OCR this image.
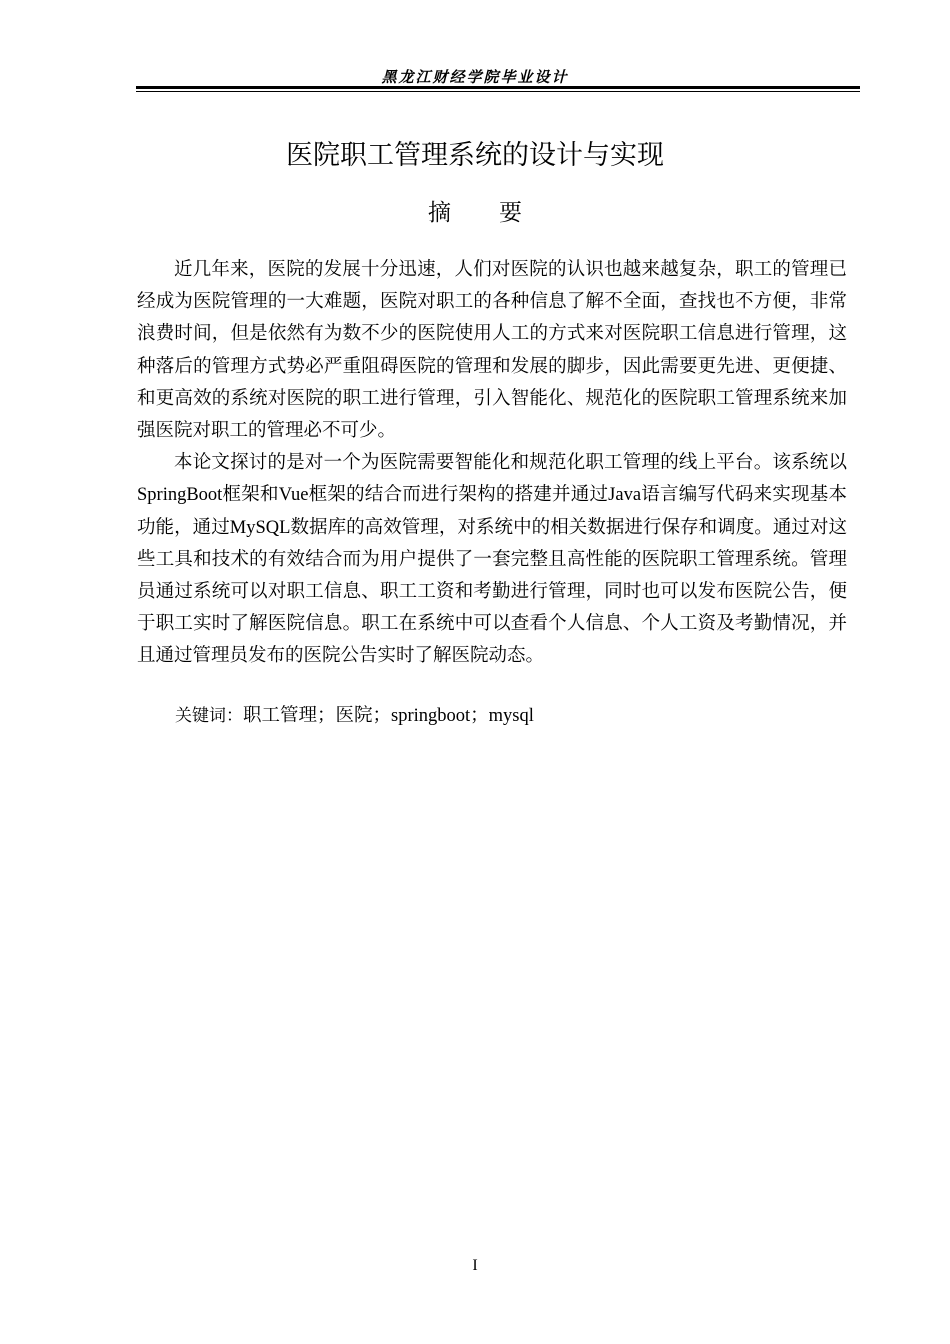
黑龙江财经学院毕业设计
医院职工管理系统的设计与实现
摘要

近几年来，医院的发展十分迅速，人们对医院的认识也越来越复杂，职工的管理已经成为医院管理的一大难题，医院对职工的各种信息了解不全面，查找也不方便，非常浪费时间，但是依然有为数不少的医院使用人工的方式来对医院职工信息进行管理，这种落后的管理方式势必严重阻碍医院的管理和发展的脚步，因此需要更先进、更便捷、和更高效的系统对医院的职工进行管理，引入智能化、规范化的医院职工管理系统来加强医院对职工的管理必不可少。

本论文探讨的是对一个为医院需要智能化和规范化职工管理的线上平台。该系统以SpringBoot框架和Vue框架的结合而进行架构的搭建并通过Java语言编写代码来实现基本功能，通过MySQL数据库的高效管理，对系统中的相关数据进行保存和调度。通过对这些工具和技术的有效结合而为用户提供了一套完整且高性能的医院职工管理系统。管理员通过系统可以对职工信息、职工工资和考勤进行管理，同时也可以发布医院公告，便于职工实时了解医院信息。职工在系统中可以查看个人信息、个人工资及考勤情况，并且通过管理员发布的医院公告实时了解医院动态。

关键词：职工管理；医院；springboot；mysql
I
